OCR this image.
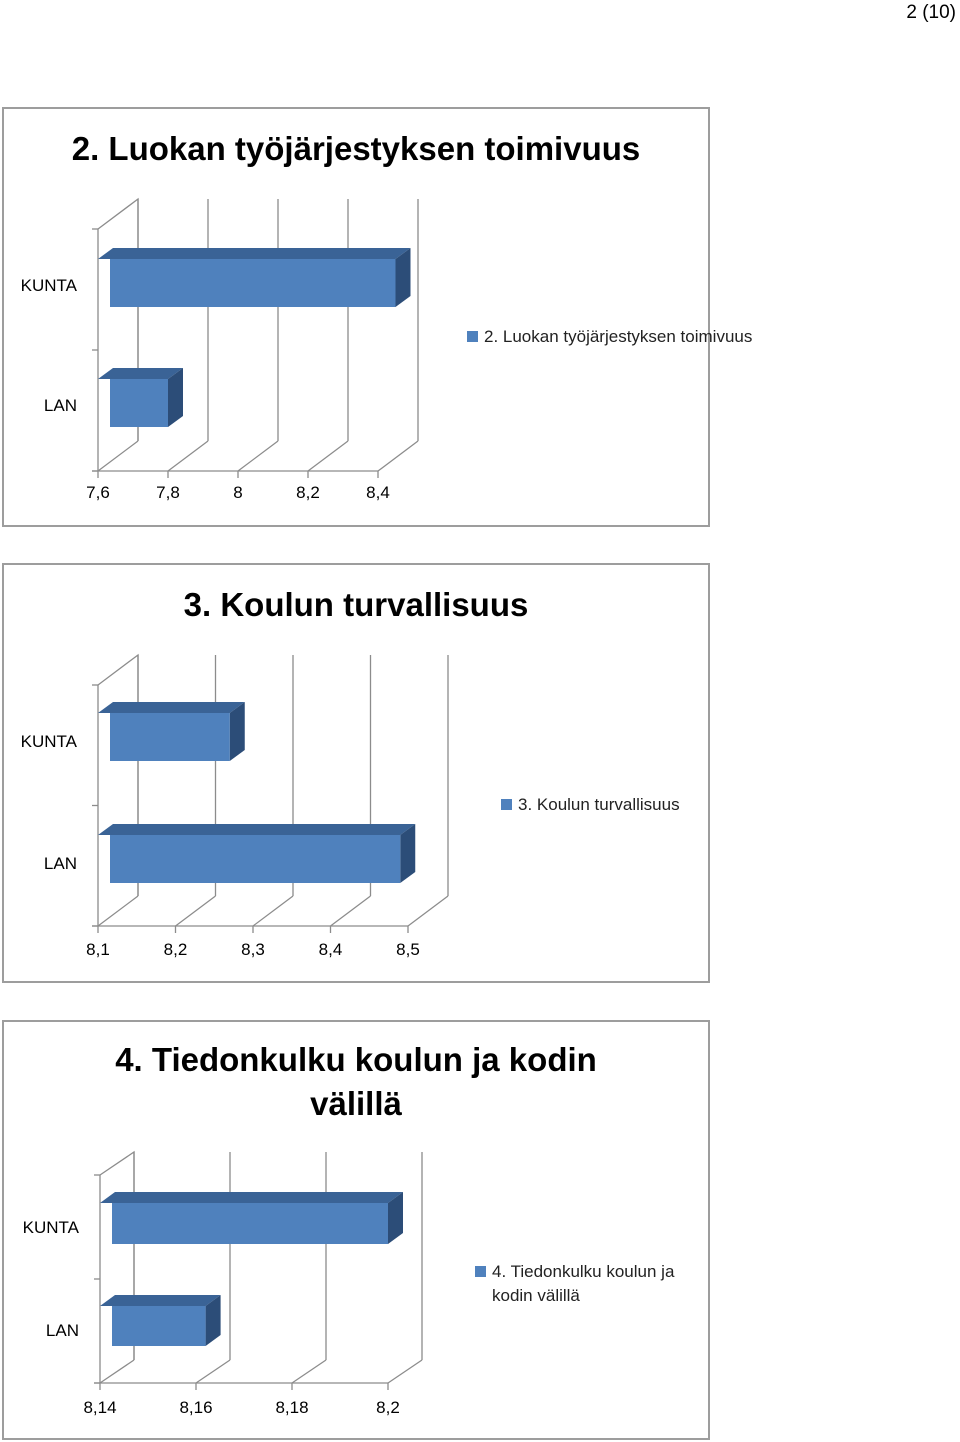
2 (10)
2. Luokan työjärjestyksen toimivuus
7,6	7,8	8	8,2	8,4
KUNTA
LAN
2. Luokan työjärjestyksen toimivuus
3. Koulun turvallisuus
8,1	8,2	8,3	8,4	8,5
KUNTA
LAN
3. Koulun turvallisuus
4. Tiedonkulku koulun ja kodin
välillä
8,14	8,16	8,18	8,2
KUNTA
LAN
4. Tiedonkulku koulun ja
kodin välillä
